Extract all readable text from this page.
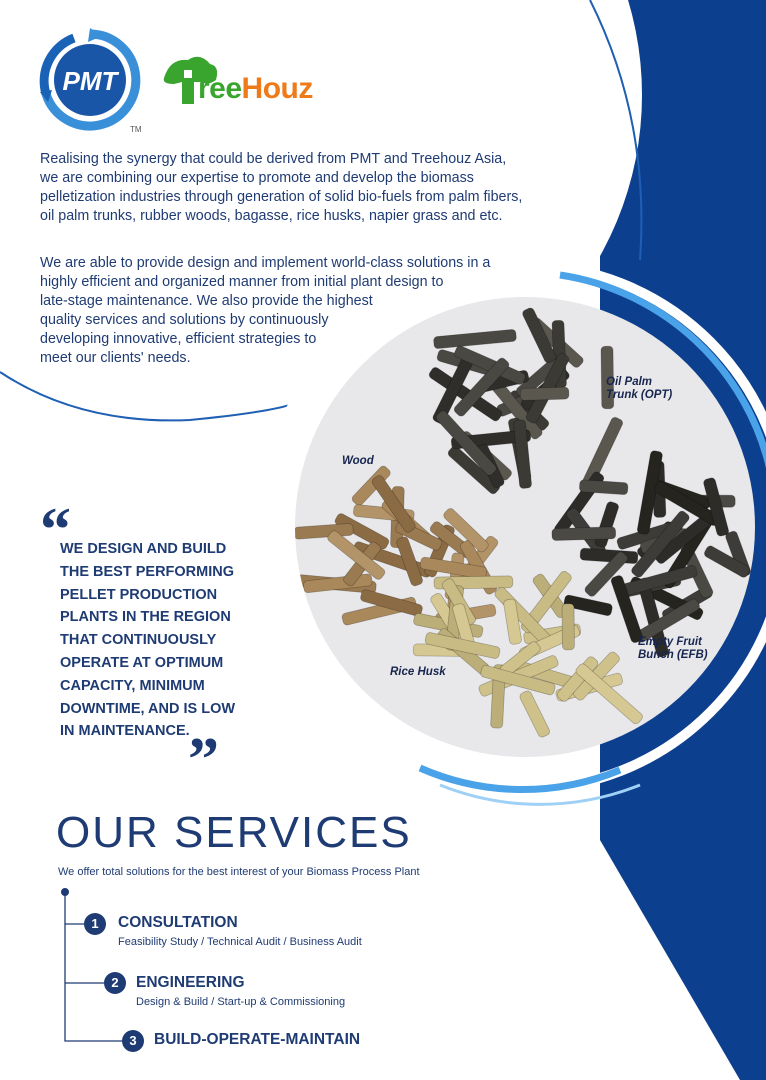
PMT
TM
reeHouz

Realising the synergy that could be derived from PMT and Treehouz Asia,
we are combining our expertise to promote and develop the biomass
pelletization industries through generation of solid bio-fuels from palm fibers,
oil palm trunks, rubber woods, bagasse, rice husks, napier grass and etc.

We are able to provide design and implement world-class solutions in a
highly efficient and organized manner from initial plant design to
late-stage maintenance. We also provide the highest
quality services and solutions by continuously
developing innovative, efficient strategies to
meet our clients' needs.

Oil Palm
Trunk (OPT)
Wood
Empty Fruit
Bunch (EFB)
Rice Husk
“

WE DESIGN AND BUILD
THE BEST PERFORMING
PELLET PRODUCTION
PLANTS IN THE REGION
THAT CONTINUOUSLY
OPERATE AT OPTIMUM
CAPACITY, MINIMUM
DOWNTIME, AND IS LOW
IN MAINTENANCE.

”
OUR SERVICES
We offer total solutions for the best interest of your Biomass Process Plant
1	CONSULTATION
Feasibility Study / Technical Audit / Business Audit
2	ENGINEERING
Design & Build / Start-up & Commissioning
3	BUILD-OPERATE-MAINTAIN
